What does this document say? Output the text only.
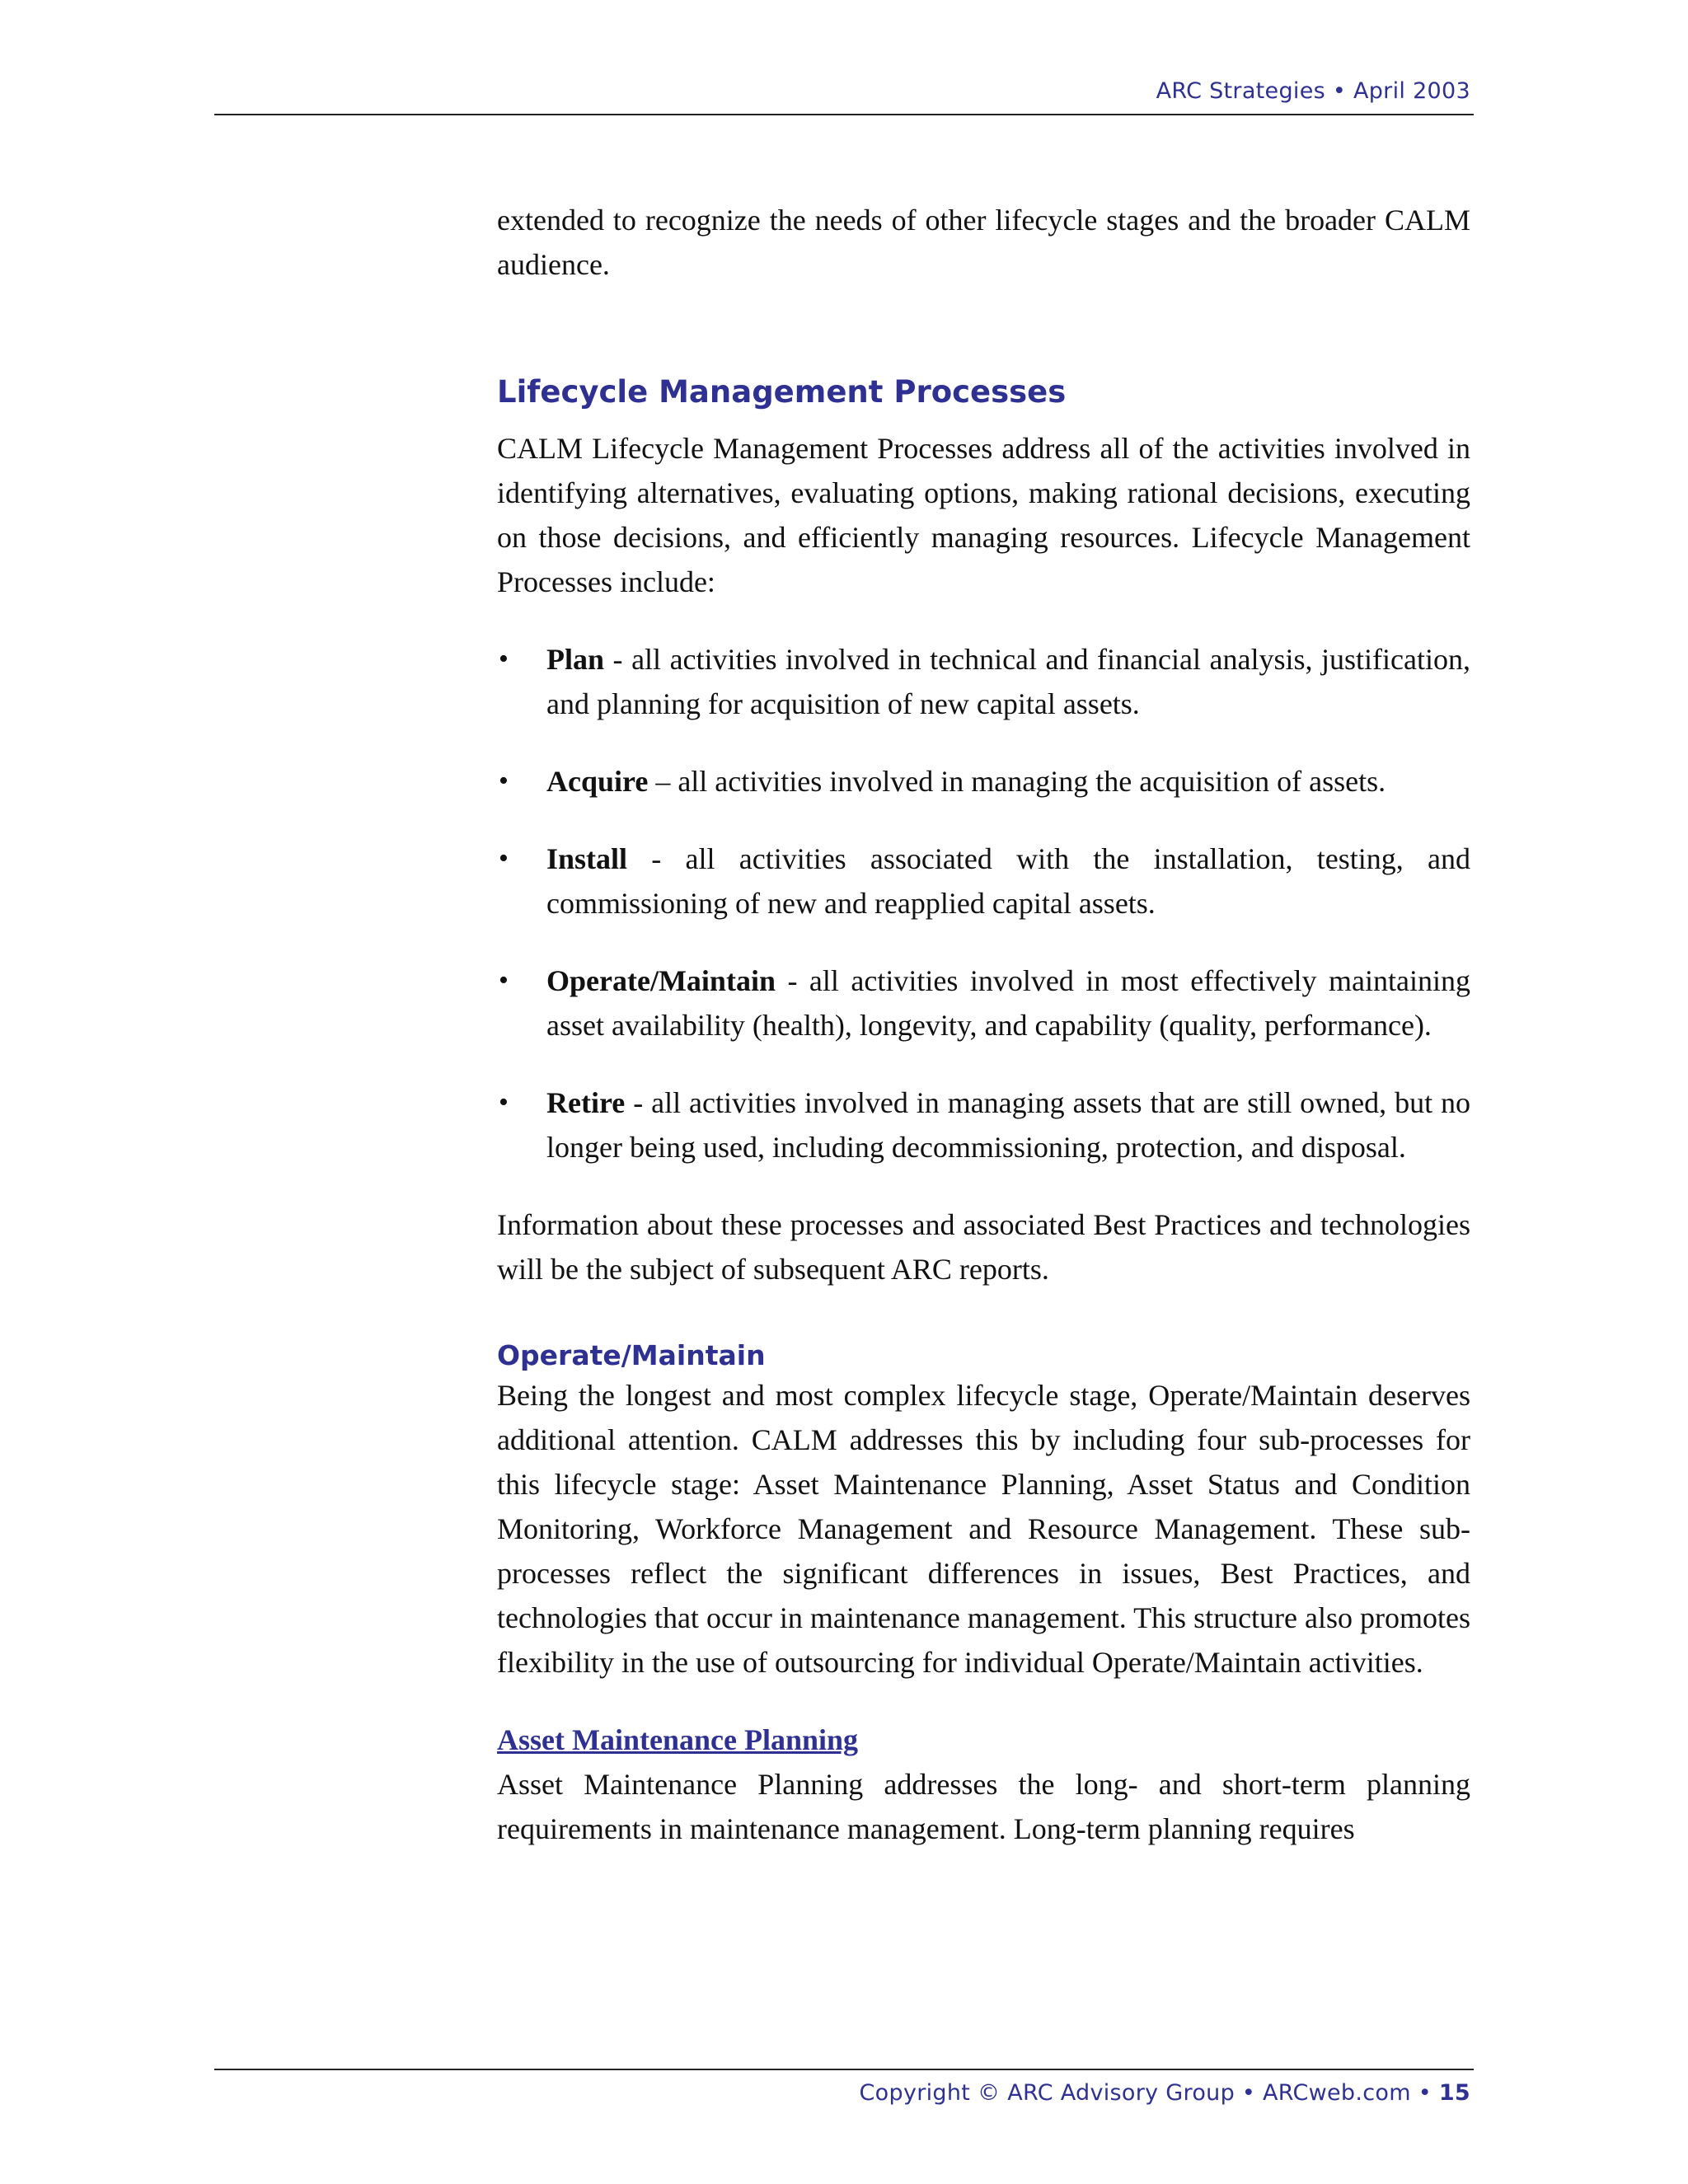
ARC Strategies • April 2003

extended to recognize the needs of other lifecycle stages and the broader CALM audience.

Lifecycle Management Processes

CALM Lifecycle Management Processes address all of the activities involved in identifying alternatives, evaluating options, making rational decisions, executing on those decisions, and efficiently managing resources. Lifecycle Management Processes include:

• Plan - all activities involved in technical and financial analysis, justification, and planning for acquisition of new capital assets.
• Acquire – all activities involved in managing the acquisition of assets.
• Install - all activities associated with the installation, testing, and commissioning of new and reapplied capital assets.
• Operate/Maintain - all activities involved in most effectively maintaining asset availability (health), longevity, and capability (quality, performance).
• Retire - all activities involved in managing assets that are still owned, but no longer being used, including decommissioning, protection, and disposal.

Information about these processes and associated Best Practices and technologies will be the subject of subsequent ARC reports.

Operate/Maintain

Being the longest and most complex lifecycle stage, Operate/Maintain deserves additional attention. CALM addresses this by including four sub-processes for this lifecycle stage: Asset Maintenance Planning, Asset Status and Condition Monitoring, Workforce Management and Resource Management. These sub-processes reflect the significant differences in issues, Best Practices, and technologies that occur in maintenance management. This structure also promotes flexibility in the use of outsourcing for individual Operate/Maintain activities.

Asset Maintenance Planning

Asset Maintenance Planning addresses the long- and short-term planning requirements in maintenance management. Long-term planning requires

Copyright © ARC Advisory Group • ARCweb.com • 15
